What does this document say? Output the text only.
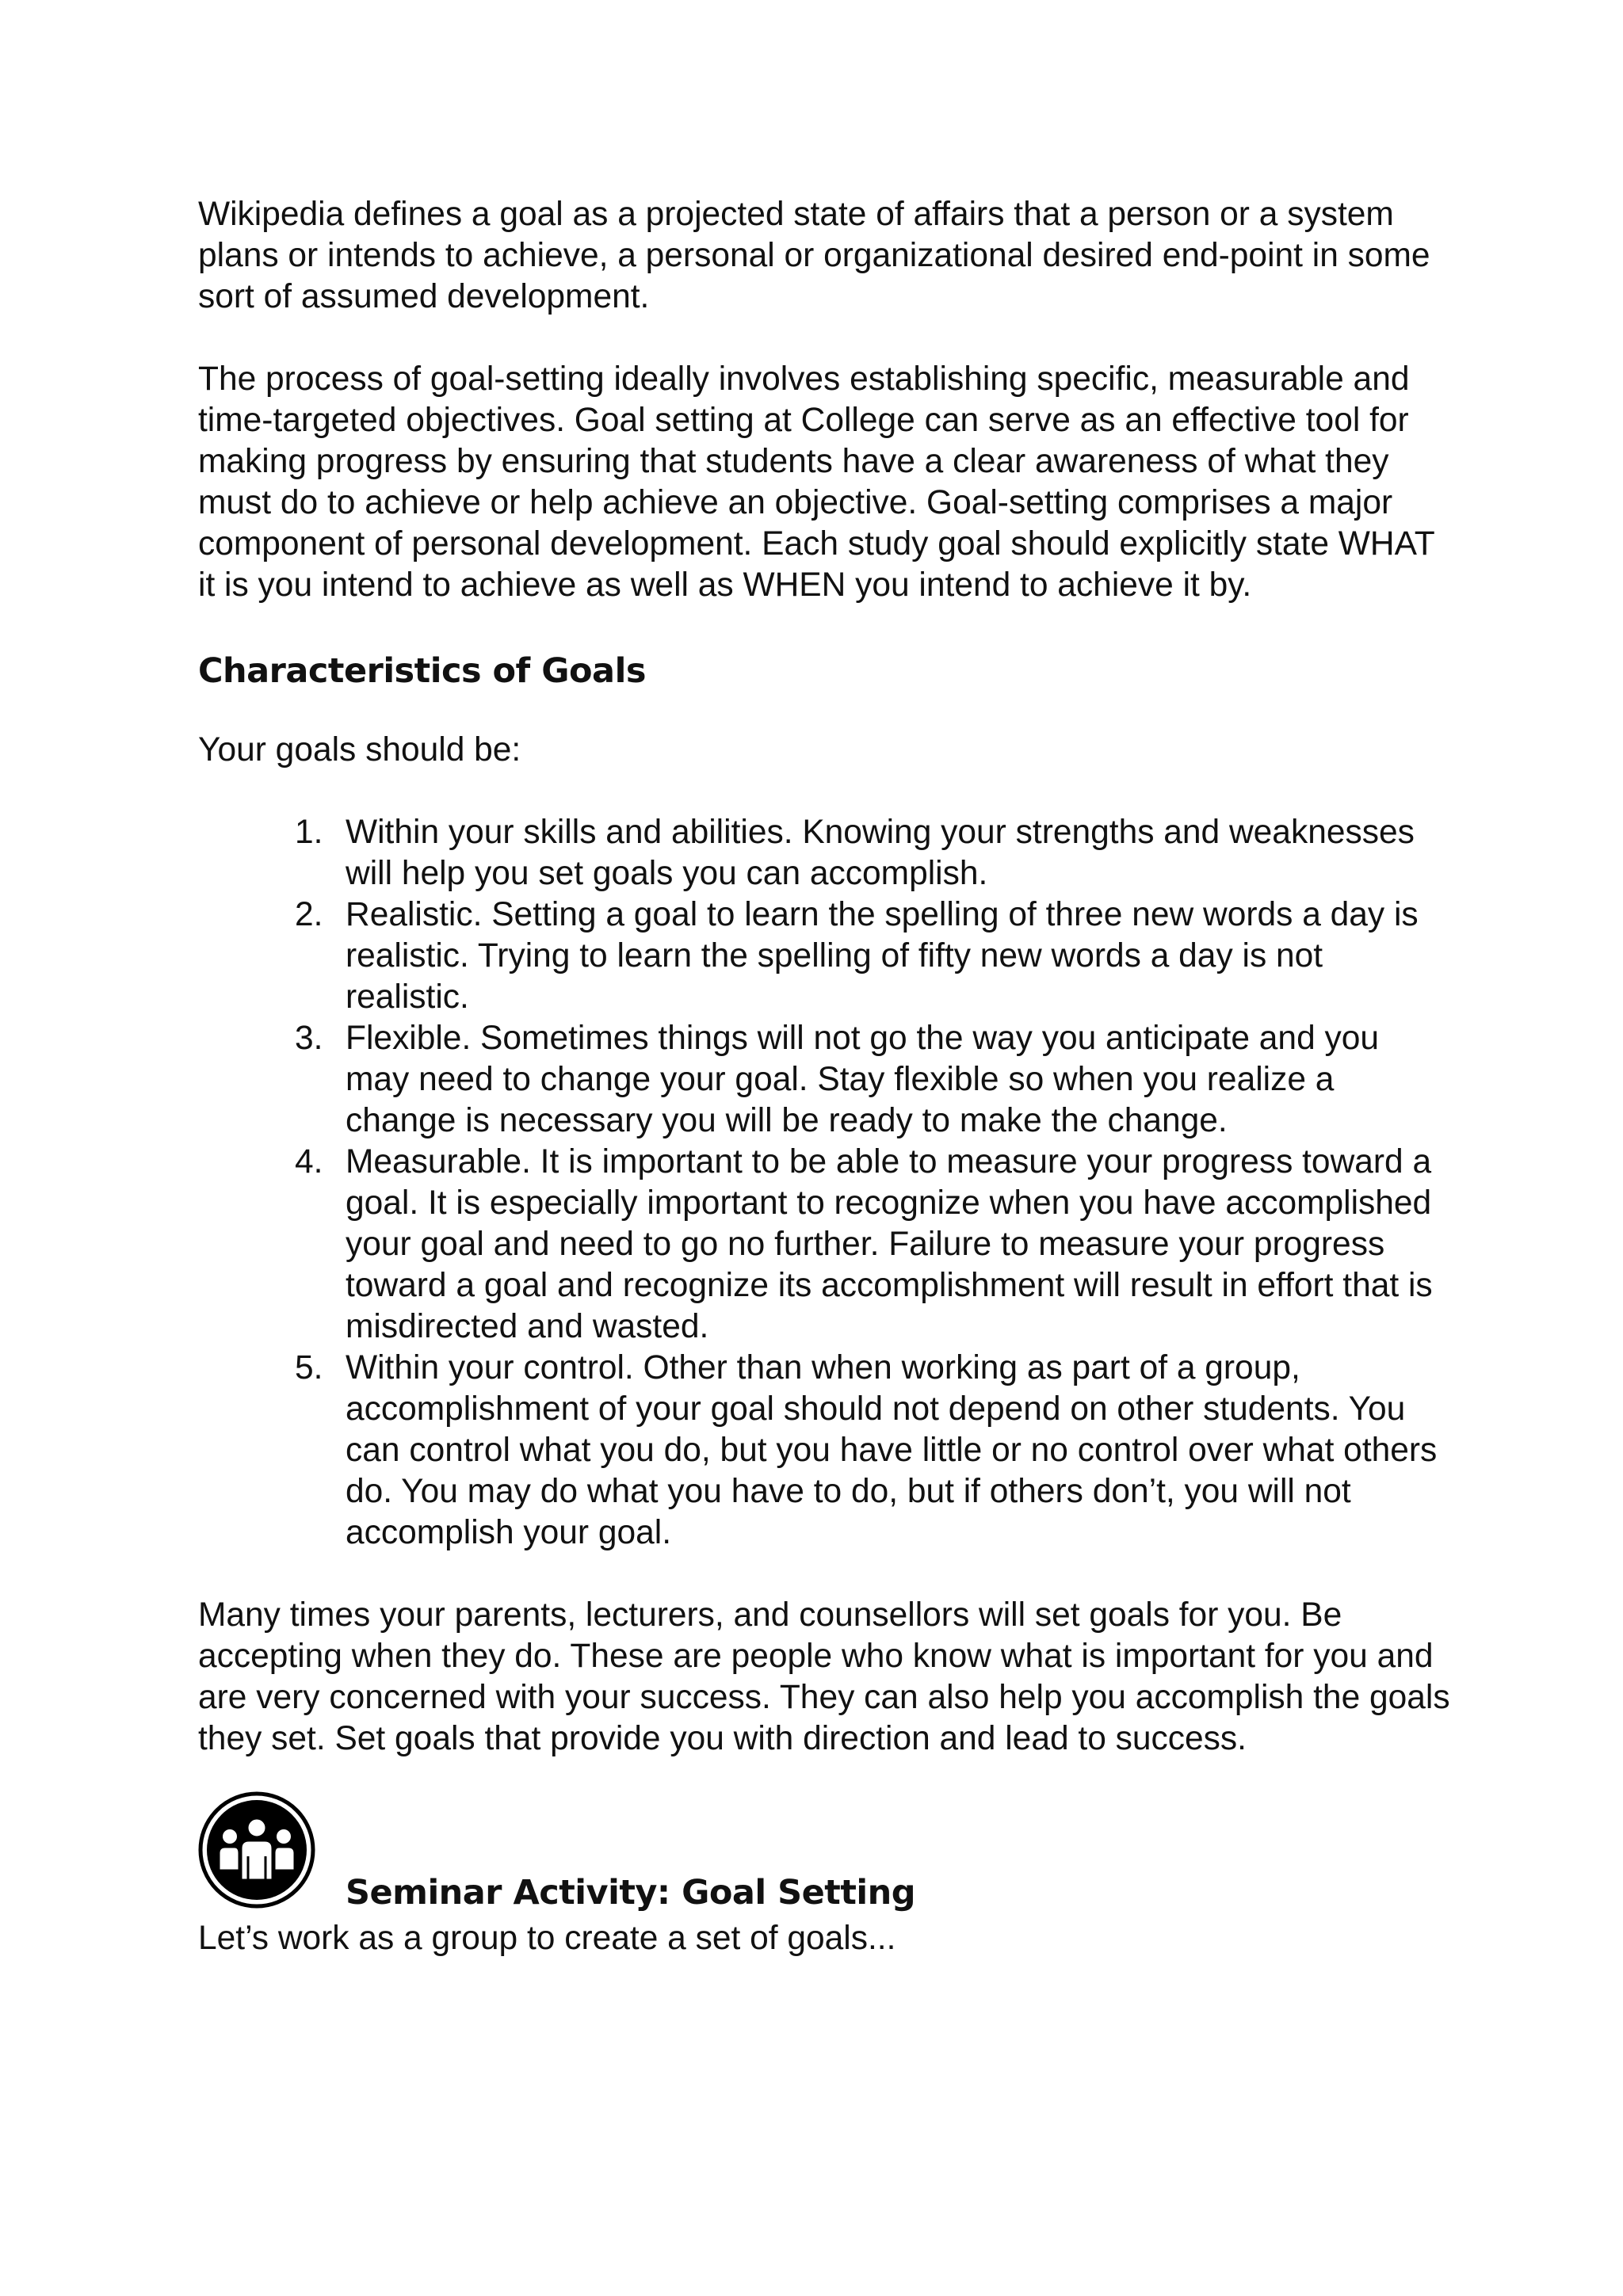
Wikipedia defines a goal as a projected state of affairs that a person or a system plans or intends to achieve, a personal or organizational desired end-point in some sort of assumed development.

The process of goal-setting ideally involves establishing specific, measurable and time-targeted objectives. Goal setting at College can serve as an effective tool for making progress by ensuring that students have a clear awareness of what they must do to achieve or help achieve an objective. Goal-setting comprises a major component of personal development. Each study goal should explicitly state WHAT it is you intend to achieve as well as WHEN you intend to achieve it by.

Characteristics of Goals

Your goals should be:

1. Within your skills and abilities. Knowing your strengths and weaknesses will help you set goals you can accomplish.
2. Realistic. Setting a goal to learn the spelling of three new words a day is realistic. Trying to learn the spelling of fifty new words a day is not realistic.
3. Flexible. Sometimes things will not go the way you anticipate and you may need to change your goal. Stay flexible so when you realize a change is necessary you will be ready to make the change.
4. Measurable. It is important to be able to measure your progress toward a goal. It is especially important to recognize when you have accomplished your goal and need to go no further. Failure to measure your progress toward a goal and recognize its accomplishment will result in effort that is misdirected and wasted.
5. Within your control. Other than when working as part of a group, accomplishment of your goal should not depend on other students. You can control what you do, but you have little or no control over what others do. You may do what you have to do, but if others don’t, you will not accomplish your goal.

Many times your parents, lecturers, and counsellors will set goals for you. Be accepting when they do. These are people who know what is important for you and are very concerned with your success. They can also help you accomplish the goals they set. Set goals that provide you with direction and lead to success.

Seminar Activity: Goal Setting

Let’s work as a group to create a set of goals...
